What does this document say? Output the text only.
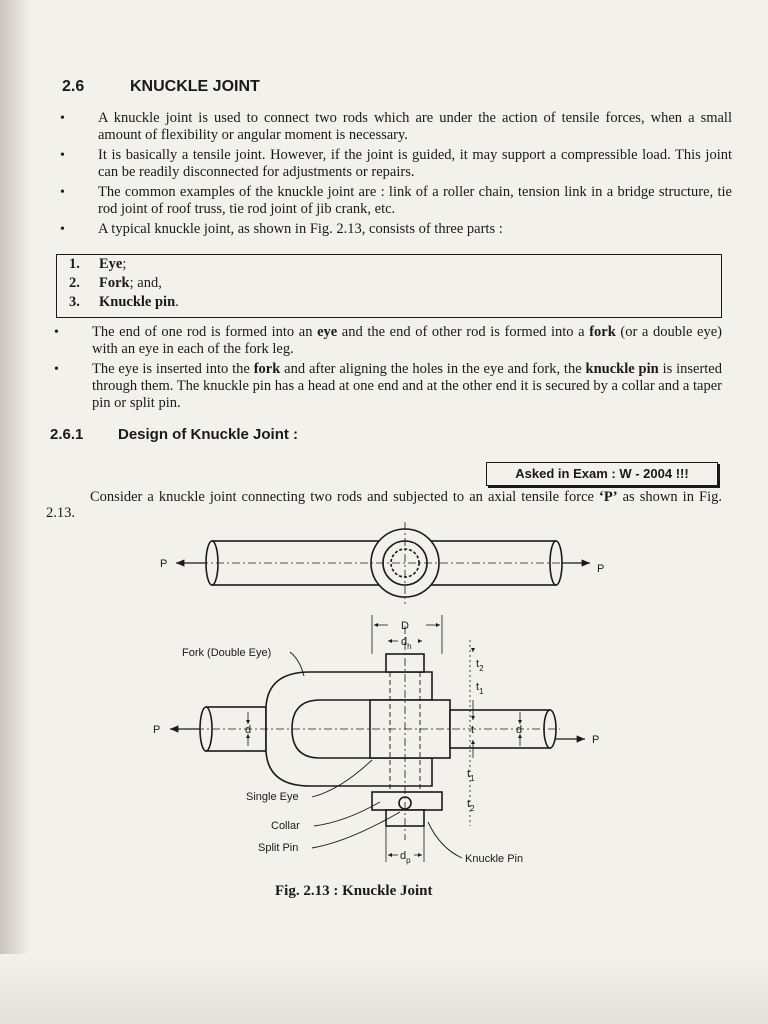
2.6	KNUCKLE JOINT
• A knuckle joint is used to connect two rods which are under the action of tensile forces, when a small amount of flexibility or angular moment is necessary.
• It is basically a tensile joint. However, if the joint is guided, it may support a compressible load. This joint can be readily disconnected for adjustments or repairs.
• The common examples of the knuckle joint are : link of a roller chain, tension link in a bridge structure, tie rod joint of roof truss, tie rod joint of jib crank, etc.
• A typical knuckle joint, as shown in Fig. 2.13, consists of three parts :
1.	Eye;
2.	Fork; and,
3.	Knuckle pin.
• The end of one rod is formed into an eye and the end of other rod is formed into a fork (or a double eye) with an eye in each of the fork leg.
• The eye is inserted into the fork and after aligning the holes in the eye and fork, the knuckle pin is inserted through them. The knuckle pin has a head at one end and at the other end it is secured by a collar and a taper pin or split pin.
2.6.1 Design of Knuckle Joint :
Asked in Exam : W - 2004 !!!
Consider a knuckle joint connecting two rods and subjected to an axial tensile force ‘P’ as shown in Fig. 2.13.
P	P
P
P
D
$d_h$
$t_2$
$t_1$
t
d	d
$t_1$
$t_2$
$d_p$
Fork (Double Eye)
Single Eye
Collar
Split Pin
Knuckle Pin
Fig. 2.13 : Knuckle Joint
